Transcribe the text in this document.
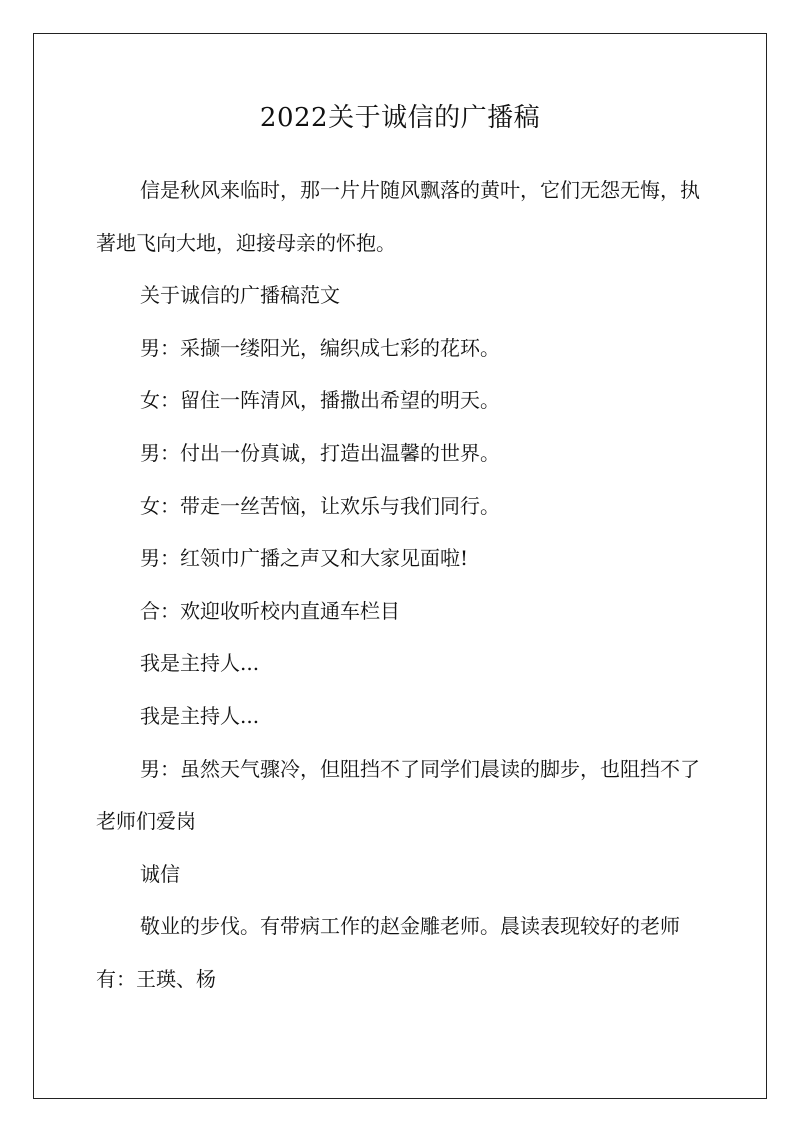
2022关于诚信的广播稿

信是秋风来临时，那一片片随风飘落的黄叶，它们无怨无悔，执著地飞向大地，迎接母亲的怀抱。

关于诚信的广播稿范文

男：采撷一缕阳光，编织成七彩的花环。

女：留住一阵清风，播撒出希望的明天。

男：付出一份真诚，打造出温馨的世界。

女：带走一丝苦恼，让欢乐与我们同行。

男：红领巾广播之声又和大家见面啦!

合：欢迎收听校内直通车栏目

我是主持人...

我是主持人...

男：虽然天气骤冷，但阻挡不了同学们晨读的脚步，也阻挡不了老师们爱岗

诚信

敬业的步伐。有带病工作的赵金雕老师。晨读表现较好的老师有：王瑛、杨
